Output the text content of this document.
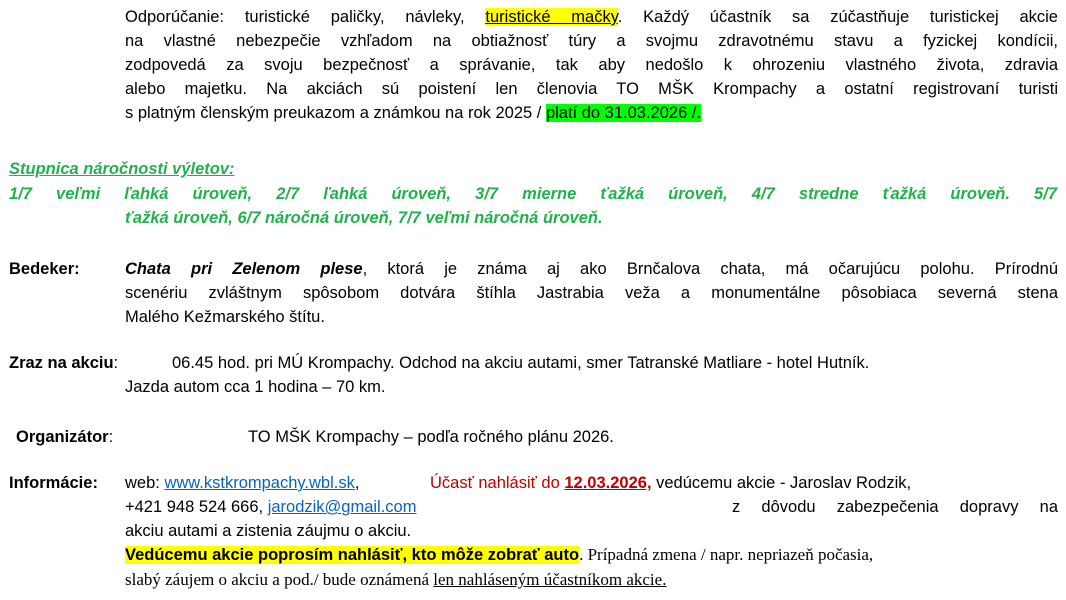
Odporúčanie: turistické paličky, návleky, turistické mačky. Každý účastník sa zúčastňuje turistickej akcie
na vlastné nebezpečie vzhľadom na obtiažnosť túry a svojmu zdravotnému stavu a fyzickej kondícii,
zodpovedá za svoju bezpečnosť a správanie, tak aby nedošlo k ohrozeniu vlastného života, zdravia
alebo majetku. Na akciách sú poistení len členovia TO MŠK Krompachy a ostatní registrovaní turisti
s platným členským preukazom a známkou na rok 2025 / platí do 31.03.2026 /.
Stupnica náročnosti výletov:
1/7 veľmi ľahká úroveň, 2/7 ľahká úroveň, 3/7 mierne ťažká úroveň, 4/7 stredne ťažká úroveň. 5/7
ťažká úroveň, 6/7 náročná úroveň, 7/7 veľmi náročná úroveň.
Bedeker:	Chata pri Zelenom plese, ktorá je známa aj ako Brnčalova chata, má očarujúcu polohu. Prírodnú
scenériu zvláštnym spôsobom dotvára štíhla Jastrabia veža a monumentálne pôsobiaca severná stena
Malého Kežmarského štítu.
Zraz na akciu:	06.45 hod. pri MÚ Krompachy. Odchod na akciu autami, smer Tatranské Matliare - hotel Hutník.
Jazda autom cca 1 hodina – 70 km.
Organizátor:	TO MŠK Krompachy – podľa ročného plánu 2026.
Informácie: web: www.kstkrompachy.wbl.sk,	Účasť nahlásiť do 12.03.2026, vedúcemu akcie - Jaroslav Rodzik,
+421 948 524 666, jarodzik@gmail.com	z dôvodu zabezpečenia dopravy na
akciu autami a zistenia záujmu o akciu.
Vedúcemu akcie poprosím nahlásiť, kto môže zobrať auto. Prípadná zmena / napr. nepriazeň počasia,
slabý záujem o akciu a pod./ bude oznámená len nahláseným účastníkom akcie.
